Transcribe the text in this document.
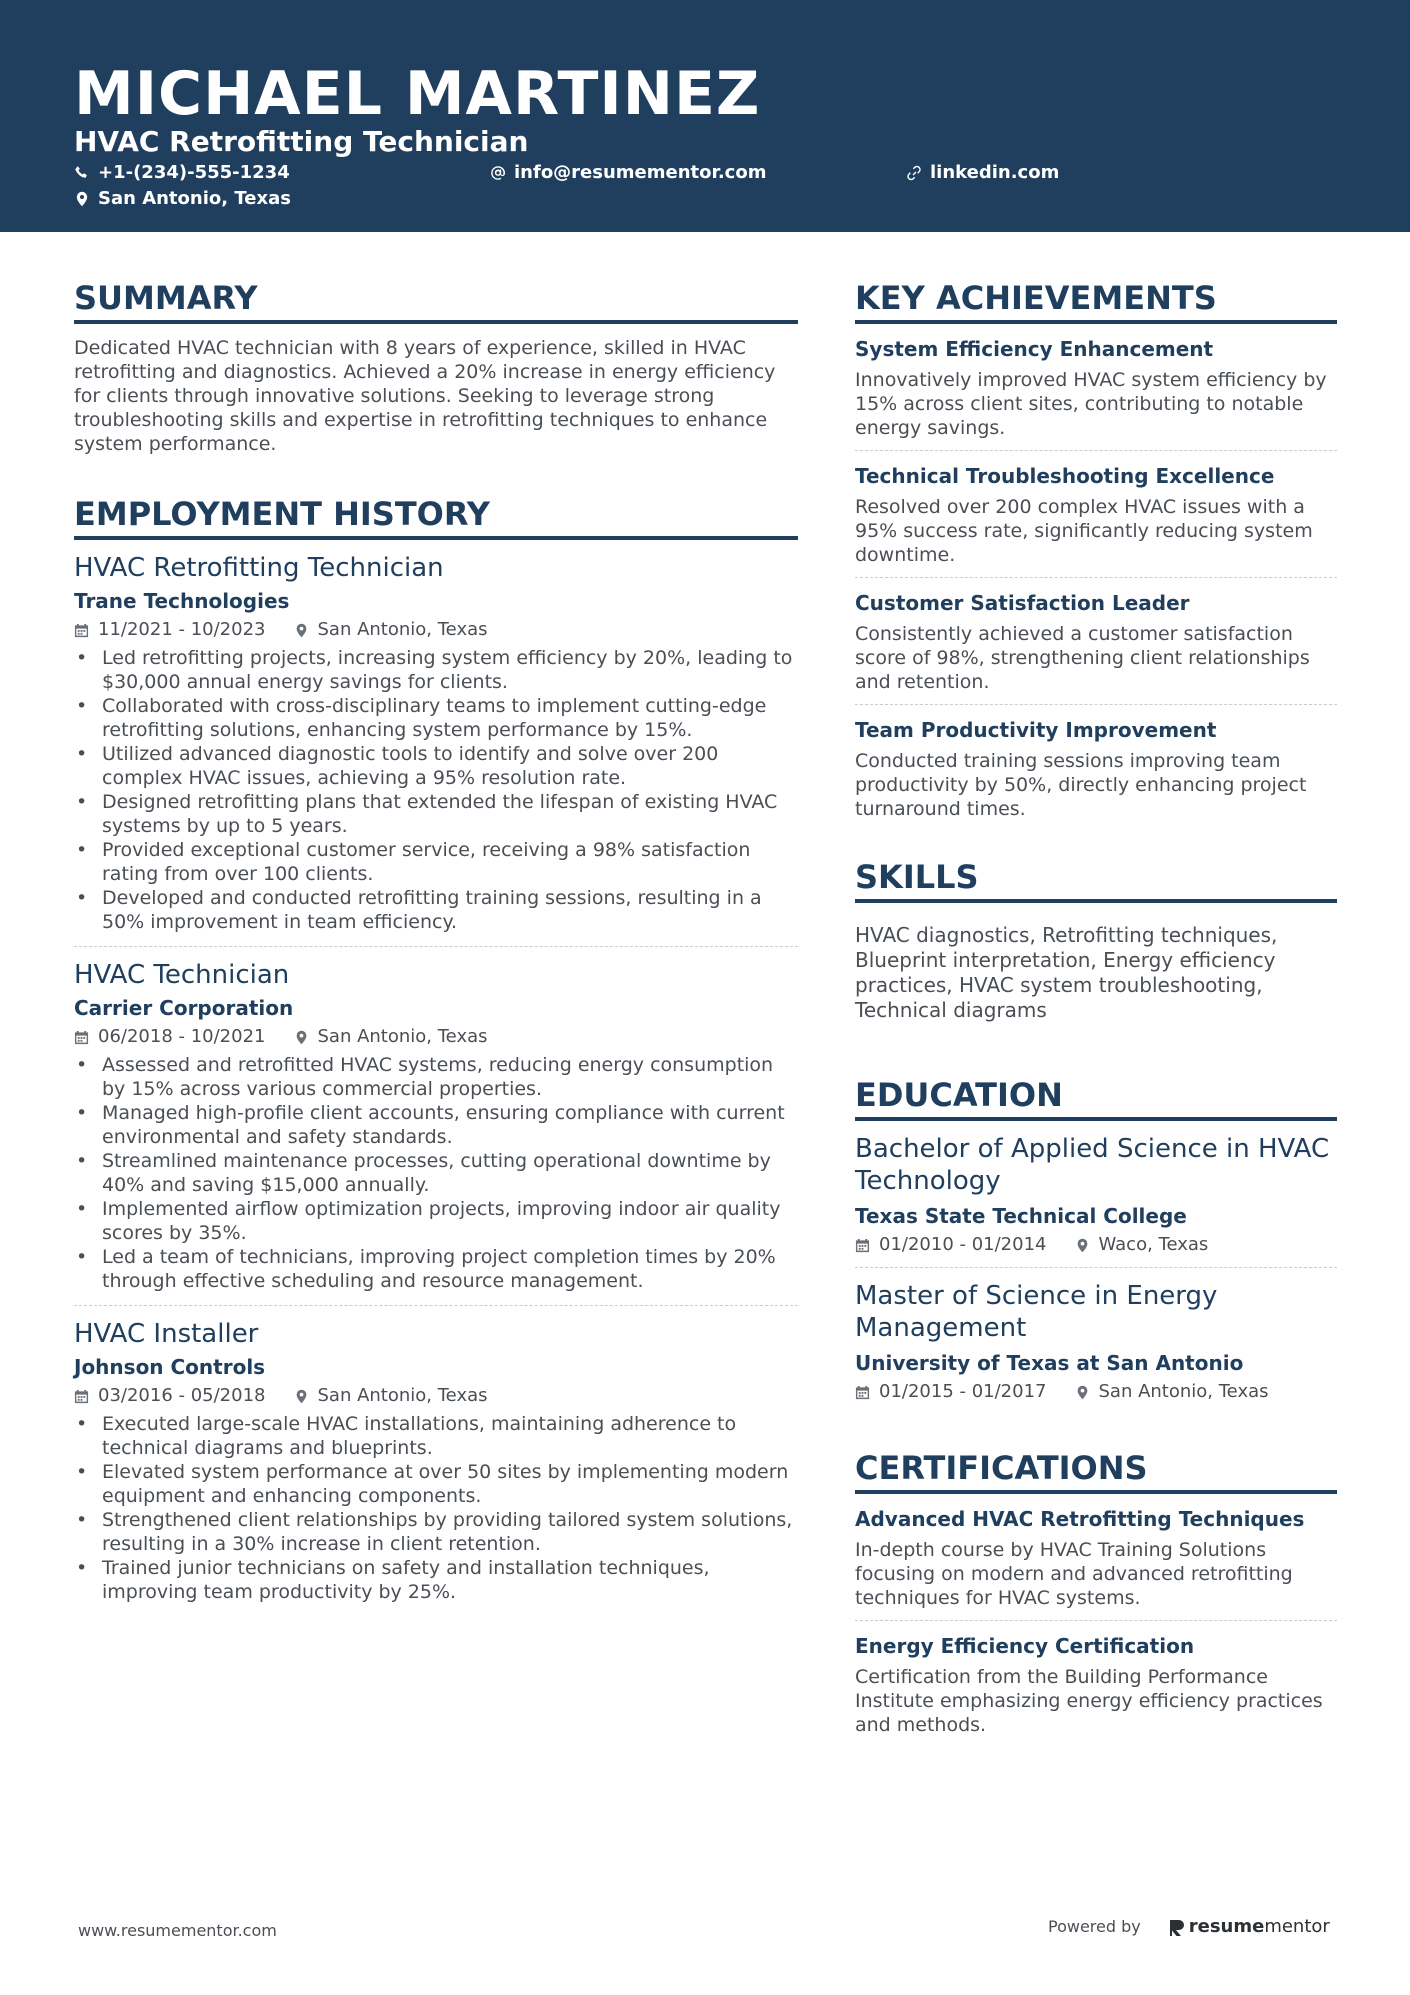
MICHAEL MARTINEZ
HVAC Retrofitting Technician
+1-(234)-555-1234	info@resumementor.com	linkedin.com
San Antonio, Texas
SUMMARY
Dedicated HVAC technician with 8 years of experience, skilled in HVAC retrofitting and diagnostics. Achieved a 20% increase in energy efficiency for clients through innovative solutions. Seeking to leverage strong troubleshooting skills and expertise in retrofitting techniques to enhance system performance.
EMPLOYMENT HISTORY
HVAC Retrofitting Technician
Trane Technologies
11/2021 - 10/2023	San Antonio, Texas
• Led retrofitting projects, increasing system efficiency by 20%, leading to $30,000 annual energy savings for clients.
• Collaborated with cross-disciplinary teams to implement cutting-edge retrofitting solutions, enhancing system performance by 15%.
• Utilized advanced diagnostic tools to identify and solve over 200 complex HVAC issues, achieving a 95% resolution rate.
• Designed retrofitting plans that extended the lifespan of existing HVAC systems by up to 5 years.
• Provided exceptional customer service, receiving a 98% satisfaction rating from over 100 clients.
• Developed and conducted retrofitting training sessions, resulting in a 50% improvement in team efficiency.
HVAC Technician
Carrier Corporation
06/2018 - 10/2021	San Antonio, Texas
• Assessed and retrofitted HVAC systems, reducing energy consumption by 15% across various commercial properties.
• Managed high-profile client accounts, ensuring compliance with current environmental and safety standards.
• Streamlined maintenance processes, cutting operational downtime by 40% and saving $15,000 annually.
• Implemented airflow optimization projects, improving indoor air quality scores by 35%.
• Led a team of technicians, improving project completion times by 20% through effective scheduling and resource management.
HVAC Installer
Johnson Controls
03/2016 - 05/2018	San Antonio, Texas
• Executed large-scale HVAC installations, maintaining adherence to technical diagrams and blueprints.
• Elevated system performance at over 50 sites by implementing modern equipment and enhancing components.
• Strengthened client relationships by providing tailored system solutions, resulting in a 30% increase in client retention.
• Trained junior technicians on safety and installation techniques, improving team productivity by 25%.
KEY ACHIEVEMENTS
System Efficiency Enhancement
Innovatively improved HVAC system efficiency by 15% across client sites, contributing to notable energy savings.
Technical Troubleshooting Excellence
Resolved over 200 complex HVAC issues with a 95% success rate, significantly reducing system downtime.
Customer Satisfaction Leader
Consistently achieved a customer satisfaction score of 98%, strengthening client relationships and retention.
Team Productivity Improvement
Conducted training sessions improving team productivity by 50%, directly enhancing project turnaround times.
SKILLS
HVAC diagnostics, Retrofitting techniques, Blueprint interpretation, Energy efficiency practices, HVAC system troubleshooting, Technical diagrams
EDUCATION
Bachelor of Applied Science in HVAC Technology
Texas State Technical College
01/2010 - 01/2014	Waco, Texas
Master of Science in Energy Management
University of Texas at San Antonio
01/2015 - 01/2017	San Antonio, Texas
CERTIFICATIONS
Advanced HVAC Retrofitting Techniques
In-depth course by HVAC Training Solutions focusing on modern and advanced retrofitting techniques for HVAC systems.
Energy Efficiency Certification
Certification from the Building Performance Institute emphasizing energy efficiency practices and methods.
www.resumementor.com	Powered by	resume mentor
